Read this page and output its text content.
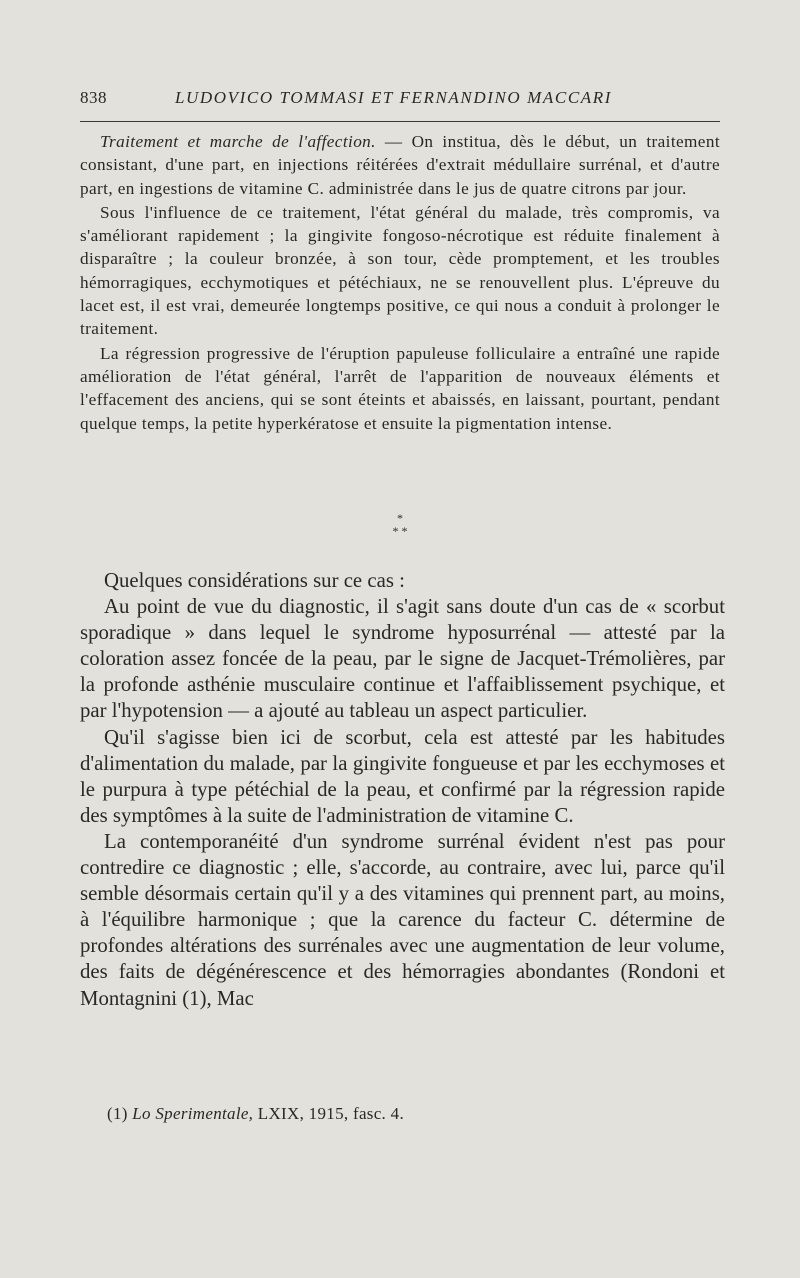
838	LUDOVICO TOMMASI ET FERNANDINO MACCARI

Traitement et marche de l'affection. — On institua, dès le début, un traitement consistant, d'une part, en injections réitérées d'extrait médullaire surrénal, et d'autre part, en ingestions de vitamine C. administrée dans le jus de quatre citrons par jour.

Sous l'influence de ce traitement, l'état général du malade, très compromis, va s'améliorant rapidement ; la gingivite fongoso-nécrotique est réduite finalement à disparaître ; la couleur bronzée, à son tour, cède promptement, et les troubles hémorragiques, ecchymotiques et pétéchiaux, ne se renouvellent plus. L'épreuve du lacet est, il est vrai, demeurée longtemps positive, ce qui nous a conduit à prolonger le traitement.

La régression progressive de l'éruption papuleuse folliculaire a entraîné une rapide amélioration de l'état général, l'arrêt de l'apparition de nouveaux éléments et l'effacement des anciens, qui se sont éteints et abaissés, en laissant, pourtant, pendant quelque temps, la petite hyperkératose et ensuite la pigmentation intense.

*
* *

Quelques considérations sur ce cas :

Au point de vue du diagnostic, il s'agit sans doute d'un cas de « scorbut sporadique » dans lequel le syndrome hyposurrénal — attesté par la coloration assez foncée de la peau, par le signe de Jacquet-Trémolières, par la profonde asthénie musculaire continue et l'affaiblissement psychique, et par l'hypotension — a ajouté au tableau un aspect particulier.

Qu'il s'agisse bien ici de scorbut, cela est attesté par les habitudes d'alimentation du malade, par la gingivite fongueuse et par les ecchymoses et le purpura à type pétéchial de la peau, et confirmé par la régression rapide des symptômes à la suite de l'administration de vitamine C.

La contemporanéité d'un syndrome surrénal évident n'est pas pour contredire ce diagnostic ; elle, s'accorde, au contraire, avec lui, parce qu'il semble désormais certain qu'il y a des vitamines qui prennent part, au moins, à l'équilibre harmonique ; que la carence du facteur C. détermine de profondes altérations des surrénales avec une augmentation de leur volume, des faits de dégénérescence et des hémorragies abondantes (Rondoni et Montagnini (1), Mac

(1) Lo Sperimentale, LXIX, 1915, fasc. 4.
